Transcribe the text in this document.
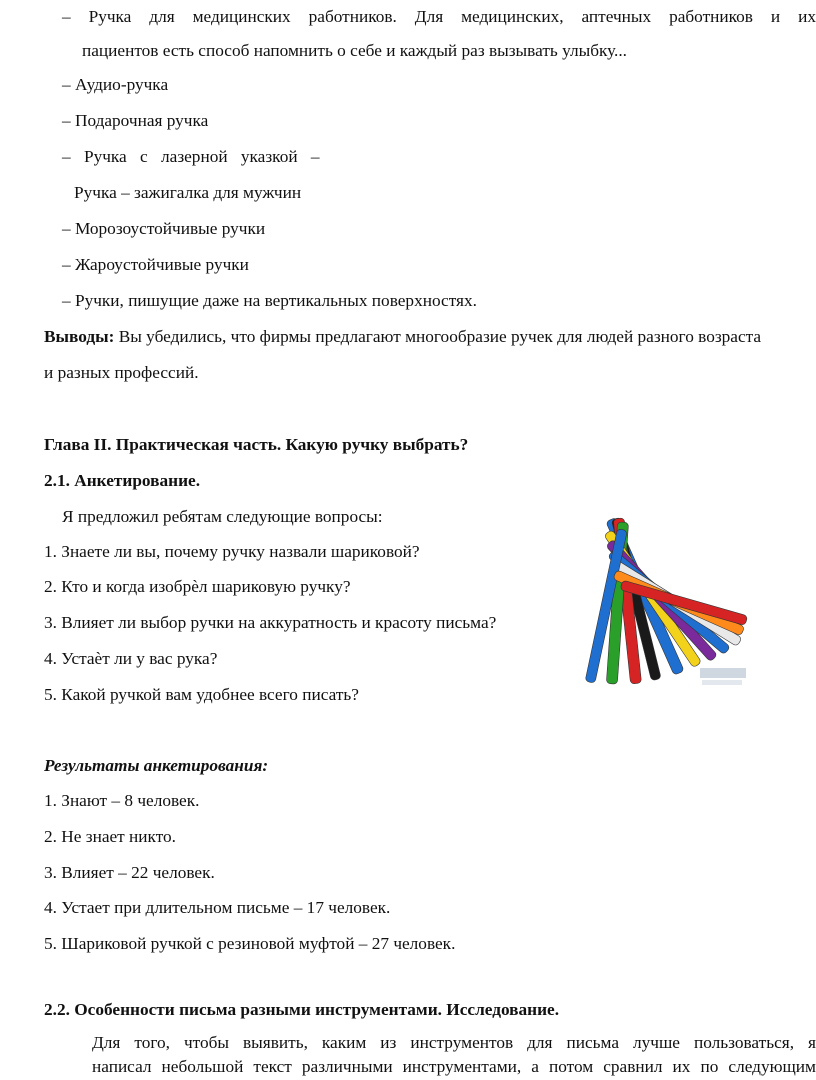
– Ручка для медицинских работников. Для медицинских, аптечных работников и их
пациентов есть способ напомнить о себе и каждый раз вызывать улыбку...
– Аудио-ручка
– Подарочная ручка
– Ручка с лазерной указкой –
Ручка – зажигалка для мужчин
– Морозоустойчивые ручки
– Жароустойчивые ручки
– Ручки, пишущие даже на вертикальных поверхностях.
Выводы: Вы убедились, что фирмы предлагают многообразие ручек для людей разного возраста
и разных профессий.
Глава II. Практическая часть. Какую ручку выбрать?
2.1. Анкетирование.
Я предложил ребятам следующие вопросы:
1. Знаете ли вы, почему ручку назвали шариковой?
2. Кто и когда изобрѐл шариковую ручку?
3. Влияет ли выбор ручки на аккуратность и красоту письма?
4. Устаѐт ли у вас рука?
5. Какой ручкой вам удобнее всего писать?
Результаты анкетирования:
1. Знают – 8 человек.
2. Не знает никто.
3. Влияет – 22 человек.
4. Устает при длительном письме – 17 человек.
5. Шариковой ручкой с резиновой муфтой – 27 человек.
2.2. Особенности письма разными инструментами. Исследование.
Для того, чтобы выявить, каким из инструментов для письма лучше пользоваться, я
написал небольшой текст различными инструментами, а потом сравнил их по следующим
